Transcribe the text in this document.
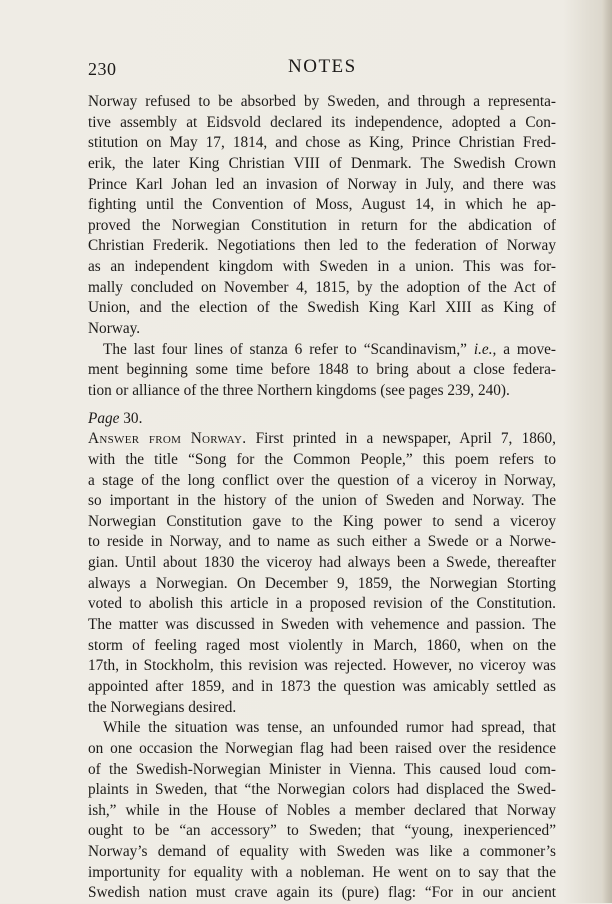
230	NOTES
Norway refused to be absorbed by Sweden, and through a representa-
tive assembly at Eidsvold declared its independence, adopted a Con-
stitution on May 17, 1814, and chose as King, Prince Christian Fred-
erik, the later King Christian VIII of Denmark. The Swedish Crown
Prince Karl Johan led an invasion of Norway in July, and there was
fighting until the Convention of Moss, August 14, in which he ap-
proved the Norwegian Constitution in return for the abdication of
Christian Frederik. Negotiations then led to the federation of Norway
as an independent kingdom with Sweden in a union. This was for-
mally concluded on November 4, 1815, by the adoption of the Act of
Union, and the election of the Swedish King Karl XIII as King of
Norway.
The last four lines of stanza 6 refer to “Scandinavism,” i.e., a move-
ment beginning some time before 1848 to bring about a close federa-
tion or alliance of the three Northern kingdoms (see pages 239, 240).
Page 30.
Answer from Norway. First printed in a newspaper, April 7, 1860,
with the title “Song for the Common People,” this poem refers to
a stage of the long conflict over the question of a viceroy in Norway,
so important in the history of the union of Sweden and Norway. The
Norwegian Constitution gave to the King power to send a viceroy
to reside in Norway, and to name as such either a Swede or a Norwe-
gian. Until about 1830 the viceroy had always been a Swede, thereafter
always a Norwegian. On December 9, 1859, the Norwegian Storting
voted to abolish this article in a proposed revision of the Constitution.
The matter was discussed in Sweden with vehemence and passion. The
storm of feeling raged most violently in March, 1860, when on the
17th, in Stockholm, this revision was rejected. However, no viceroy was
appointed after 1859, and in 1873 the question was amicably settled as
the Norwegians desired.
While the situation was tense, an unfounded rumor had spread, that
on one occasion the Norwegian flag had been raised over the residence
of the Swedish-Norwegian Minister in Vienna. This caused loud com-
plaints in Sweden, that “the Norwegian colors had displaced the Swed-
ish,” while in the House of Nobles a member declared that Norway
ought to be “an accessory” to Sweden; that “young, inexperienced”
Norway’s demand of equality with Sweden was like a commoner’s
importunity for equality with a nobleman. He went on to say that the
Swedish nation must crave again its (pure) flag: “For in our ancient
